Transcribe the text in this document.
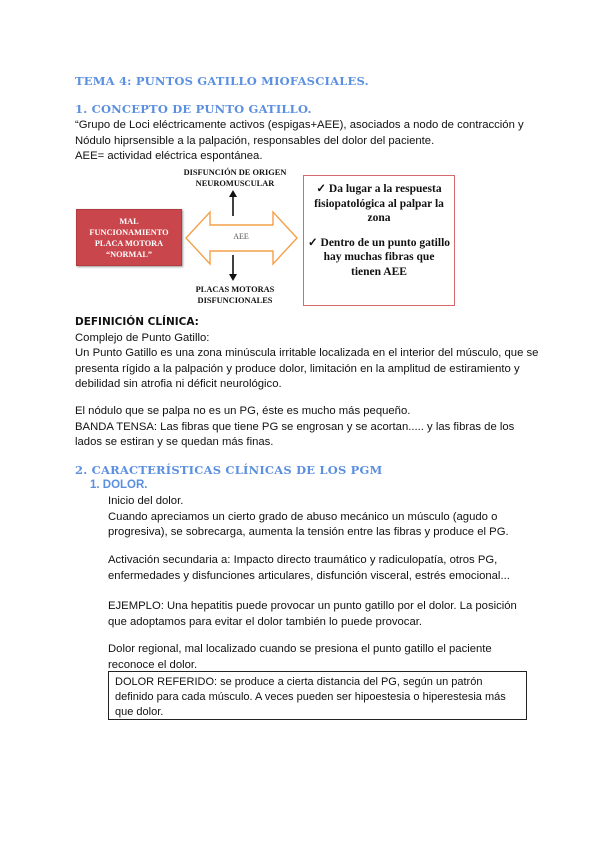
TEMA 4: PUNTOS GATILLO MIOFASCIALES.
1. CONCEPTO DE PUNTO GATILLO.
“Grupo de Loci eléctricamente activos (espigas+AEE), asociados a nodo de contracción y
Nódulo hiprsensible a la palpación, responsables del dolor del paciente.
AEE= actividad eléctrica espontánea.
DISFUNCIÓN DE ORIGEN
NEUROMUSCULAR
AEE
MAL
FUNCIONAMIENTO
PLACA MOTORA
“NORMAL”
PLACAS MOTORAS
DISFUNCIONALES
✓ Da lugar a la respuesta fisiopatológica al palpar la zona
✓ Dentro de un punto gatillo hay muchas fibras que tienen AEE
DEFINICIÓN CLÍNICA:
Complejo de Punto Gatillo:
Un Punto Gatillo es una zona minúscula irritable localizada en el interior del músculo, que se
presenta rígido a la palpación y produce dolor, limitación en la amplitud de estiramiento y
debilidad sin atrofia ni déficit neurológico.
El nódulo que se palpa no es un PG, éste es mucho más pequeño.
BANDA TENSA: Las fibras que tiene PG se engrosan y se acortan..... y las fibras de los
lados se estiran y se quedan más finas.
2. CARACTERÍSTICAS CLÍNICAS DE LOS PGM
1. DOLOR.
Inicio del dolor.
Cuando apreciamos un cierto grado de abuso mecánico un músculo (agudo o
progresiva), se sobrecarga, aumenta la tensión entre las fibras y produce el PG.
Activación secundaria a: Impacto directo traumático y radiculopatía, otros PG,
enfermedades y disfunciones articulares, disfunción visceral, estrés emocional...
EJEMPLO: Una hepatitis puede provocar un punto gatillo por el dolor. La posición
que adoptamos para evitar el dolor también lo puede provocar.
Dolor regional, mal localizado cuando se presiona el punto gatillo el paciente
reconoce el dolor.
DOLOR REFERIDO: se produce a cierta distancia del PG, según un patrón
definido para cada músculo. A veces pueden ser hipoestesia o hiperestesia más
que dolor.
